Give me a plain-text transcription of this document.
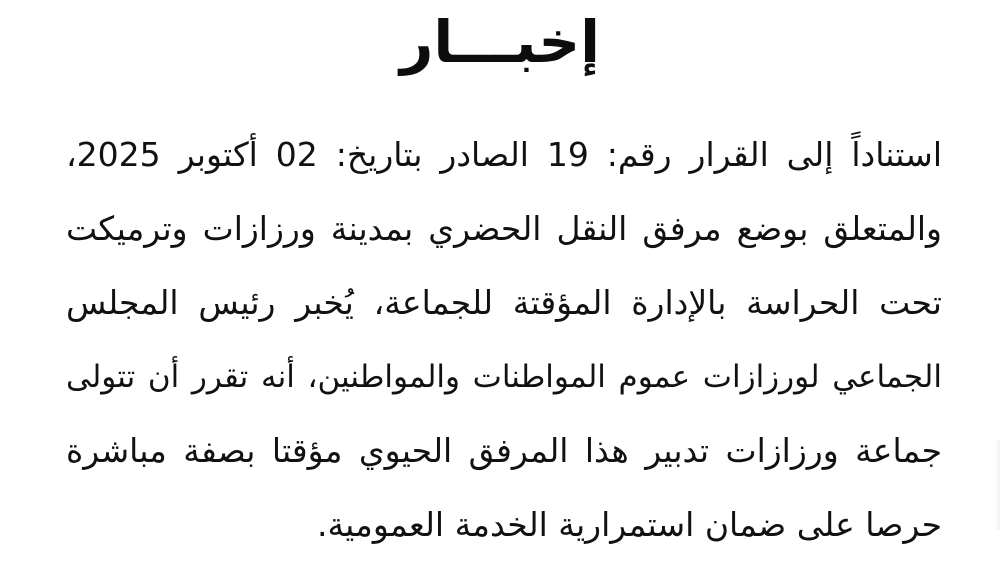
إخبـــار
استناداً إلى القرار رقم: 19 الصادر بتاريخ: 02 أكتوبر 2025،
والمتعلق بوضع مرفق النقل الحضري بمدينة ورزازات وترميكت
تحت الحراسة بالإدارة المؤقتة للجماعة، يُخبر رئيس المجلس
الجماعي لورزازات عموم المواطنات والمواطنين، أنه تقرر أن تتولى
جماعة ورزازات تدبير هذا المرفق الحيوي مؤقتا بصفة مباشرة
حرصا على ضمان استمرارية الخدمة العمومية.
